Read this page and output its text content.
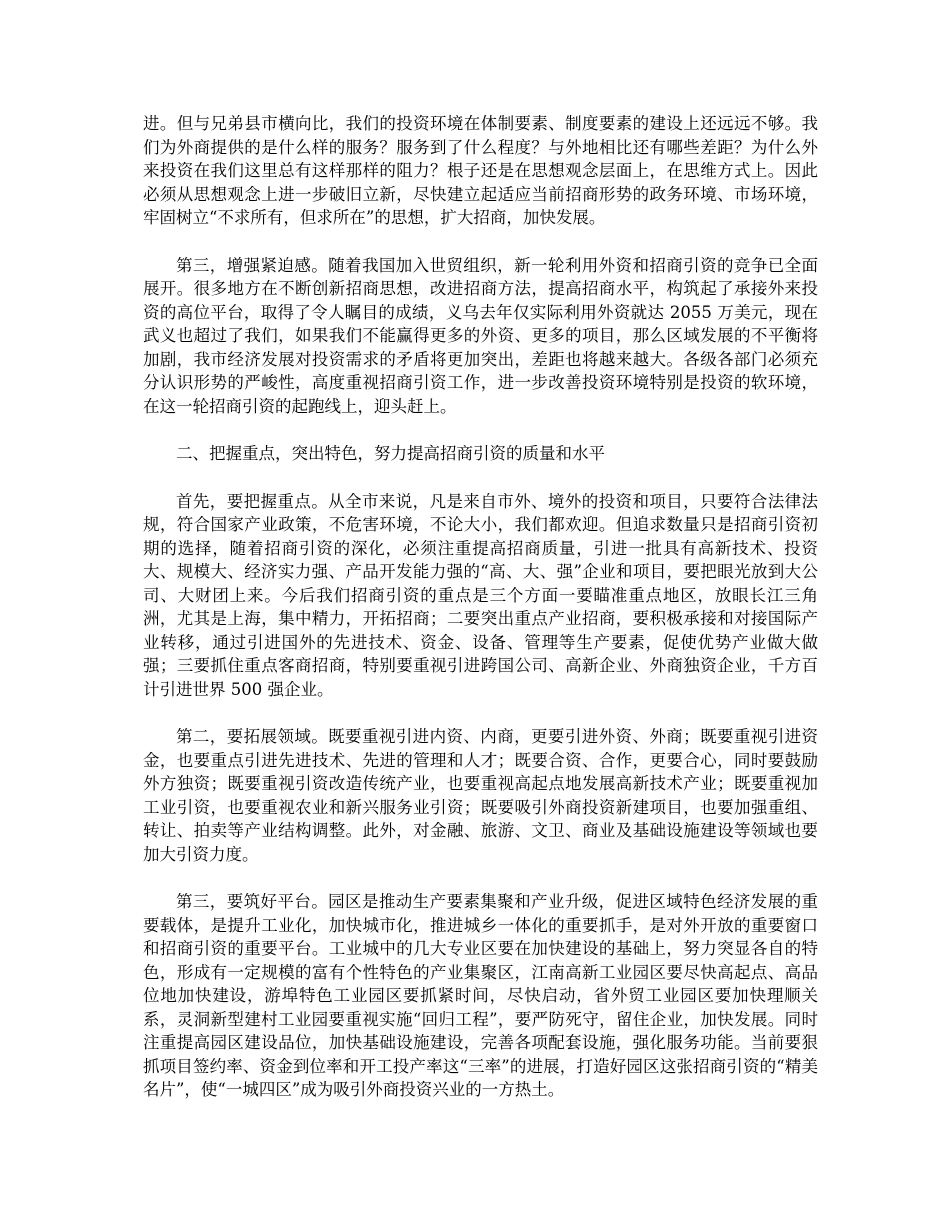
进。但与兄弟县市横向比，我们的投资环境在体制要素、制度要素的建设上还远远不够。我们为外商提供的是什么样的服务？服务到了什么程度？与外地相比还有哪些差距？为什么外来投资在我们这里总有这样那样的阻力？根子还是在思想观念层面上，在思维方式上。因此必须从思想观念上进一步破旧立新，尽快建立起适应当前招商形势的政务环境、市场环境，牢固树立“不求所有，但求所在”的思想，扩大招商，加快发展。

第三，增强紧迫感。随着我国加入世贸组织，新一轮利用外资和招商引资的竞争已全面展开。很多地方在不断创新招商思想，改进招商方法，提高招商水平，构筑起了承接外来投资的高位平台，取得了令人瞩目的成绩，义乌去年仅实际利用外资就达 2055 万美元，现在武义也超过了我们，如果我们不能赢得更多的外资、更多的项目，那么区域发展的不平衡将加剧，我市经济发展对投资需求的矛盾将更加突出，差距也将越来越大。各级各部门必须充分认识形势的严峻性，高度重视招商引资工作，进一步改善投资环境特别是投资的软环境，在这一轮招商引资的起跑线上，迎头赶上。

二、把握重点，突出特色，努力提高招商引资的质量和水平

首先，要把握重点。从全市来说，凡是来自市外、境外的投资和项目，只要符合法律法规，符合国家产业政策，不危害环境，不论大小，我们都欢迎。但追求数量只是招商引资初期的选择，随着招商引资的深化，必须注重提高招商质量，引进一批具有高新技术、投资大、规模大、经济实力强、产品开发能力强的“高、大、强”企业和项目，要把眼光放到大公司、大财团上来。今后我们招商引资的重点是三个方面一要瞄准重点地区，放眼长江三角洲，尤其是上海，集中精力，开拓招商；二要突出重点产业招商，要积极承接和对接国际产业转移，通过引进国外的先进技术、资金、设备、管理等生产要素，促使优势产业做大做强；三要抓住重点客商招商，特别要重视引进跨国公司、高新企业、外商独资企业，千方百计引进世界 500 强企业。

第二，要拓展领域。既要重视引进内资、内商，更要引进外资、外商；既要重视引进资金，也要重点引进先进技术、先进的管理和人才；既要合资、合作，更要合心，同时要鼓励外方独资；既要重视引资改造传统产业，也要重视高起点地发展高新技术产业；既要重视加工业引资，也要重视农业和新兴服务业引资；既要吸引外商投资新建项目，也要加强重组、转让、拍卖等产业结构调整。此外，对金融、旅游、文卫、商业及基础设施建设等领域也要加大引资力度。

第三，要筑好平台。园区是推动生产要素集聚和产业升级，促进区域特色经济发展的重要载体，是提升工业化，加快城市化，推进城乡一体化的重要抓手，是对外开放的重要窗口和招商引资的重要平台。工业城中的几大专业区要在加快建设的基础上，努力突显各自的特色，形成有一定规模的富有个性特色的产业集聚区，江南高新工业园区要尽快高起点、高品位地加快建设，游埠特色工业园区要抓紧时间，尽快启动，省外贸工业园区要加快理顺关系，灵洞新型建村工业园要重视实施“回归工程”，要严防死守，留住企业，加快发展。同时注重提高园区建设品位，加快基础设施建设，完善各项配套设施，强化服务功能。当前要狠抓项目签约率、资金到位率和开工投产率这“三率”的进展，打造好园区这张招商引资的“精美名片”，使“一城四区”成为吸引外商投资兴业的一方热土。
